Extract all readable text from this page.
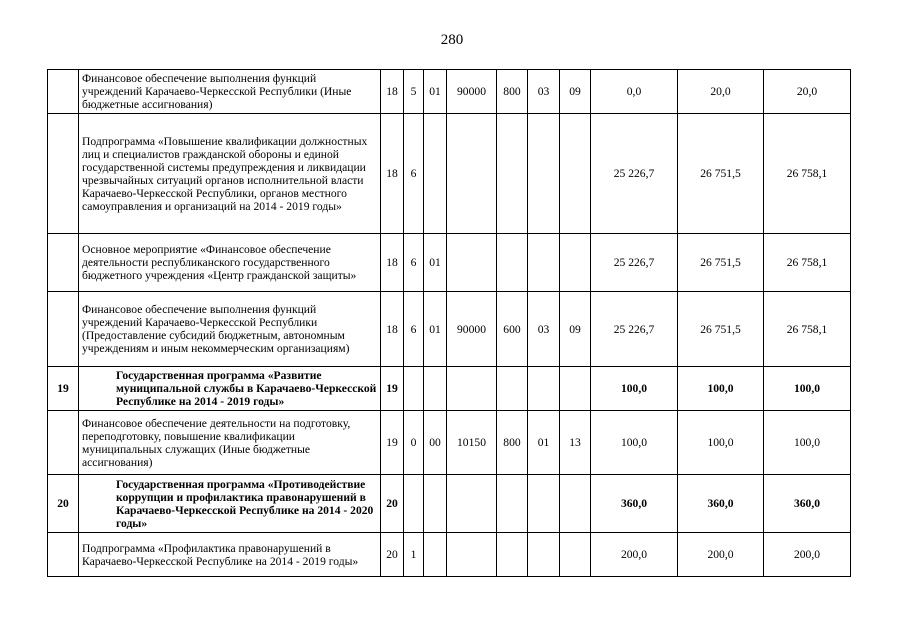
280
	Финансовое обеспечение выполнения функций учреждений Карачаево-Черкесской Республики (Иные бюджетные ассигнования)	18	5	01	90000	800	03	09	0,0	20,0	20,0
	Подпрограмма «Повышение квалификации должностных лиц и специалистов гражданской обороны и единой государственной системы предупреждения и ликвидации чрезвычайных ситуаций органов исполнительной власти Карачаево-Черкесской Республики, органов местного самоуправления и организаций на 2014 - 2019 годы»	18	6						25 226,7	26 751,5	26 758,1
	Основное мероприятие «Финансовое обеспечение деятельности республиканского государственного бюджетного учреждения «Центр гражданской защиты»	18	6	01					25 226,7	26 751,5	26 758,1
	Финансовое обеспечение выполнения функций учреждений Карачаево-Черкесской Республики (Предоставление субсидий бюджетным, автономным учреждениям и иным некоммерческим организациям)	18	6	01	90000	600	03	09	25 226,7	26 751,5	26 758,1
19	Государственная программа «Развитие муниципальной службы в Карачаево-Черкесской Республике на 2014 - 2019 годы»	19							100,0	100,0	100,0
	Финансовое обеспечение деятельности на подготовку, переподготовку, повышение квалификации муниципальных служащих (Иные бюджетные ассигнования)	19	0	00	10150	800	01	13	100,0	100,0	100,0
20	Государственная программа «Противодействие коррупции и профилактика правонарушений в Карачаево-Черкесской Республике на 2014 - 2020 годы»	20							360,0	360,0	360,0
	Подпрограмма «Профилактика правонарушений в Карачаево-Черкесской Республике на 2014 - 2019 годы»	20	1						200,0	200,0	200,0
